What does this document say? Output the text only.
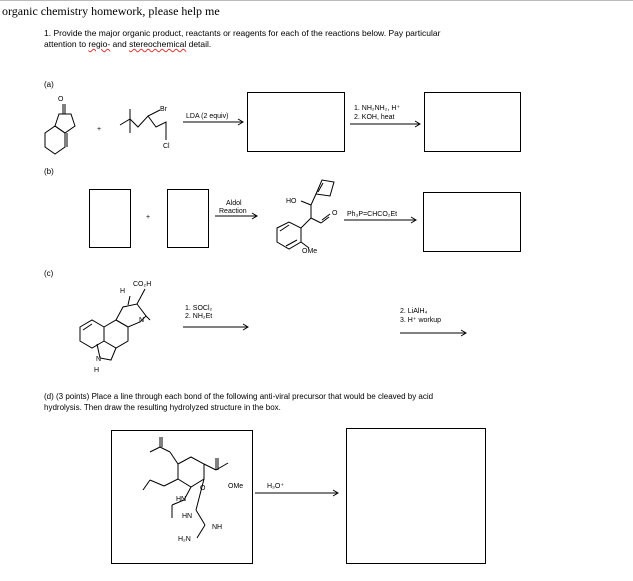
organic chemistry homework, please help me
1. Provide the major organic product, reactants or reagents for each of the reactions below. Pay particular
attention to regio- and stereochemical detail.
(a)
O
+
Br
Cl
LDA (2 equiv)
1. NH₂NH₂, H⁺
2. KOH, heat
(b)
+
Aldol
Reaction
HO
O
OMe
Ph₃P=CHCO₂Et
(c)
H
CO₂H
N
N
H
1. SOCl₂
2. NH₂Et
2. LiAlH₄
3. H⁺ workup
(d) (3 points) Place a line through each bond of the following anti-viral precursor that would be cleaved by acid
hydrolysis. Then draw the resulting hydrolyzed structure in the box.
OMe
O
HN
HN
NH
H₂N
H₃O⁺
